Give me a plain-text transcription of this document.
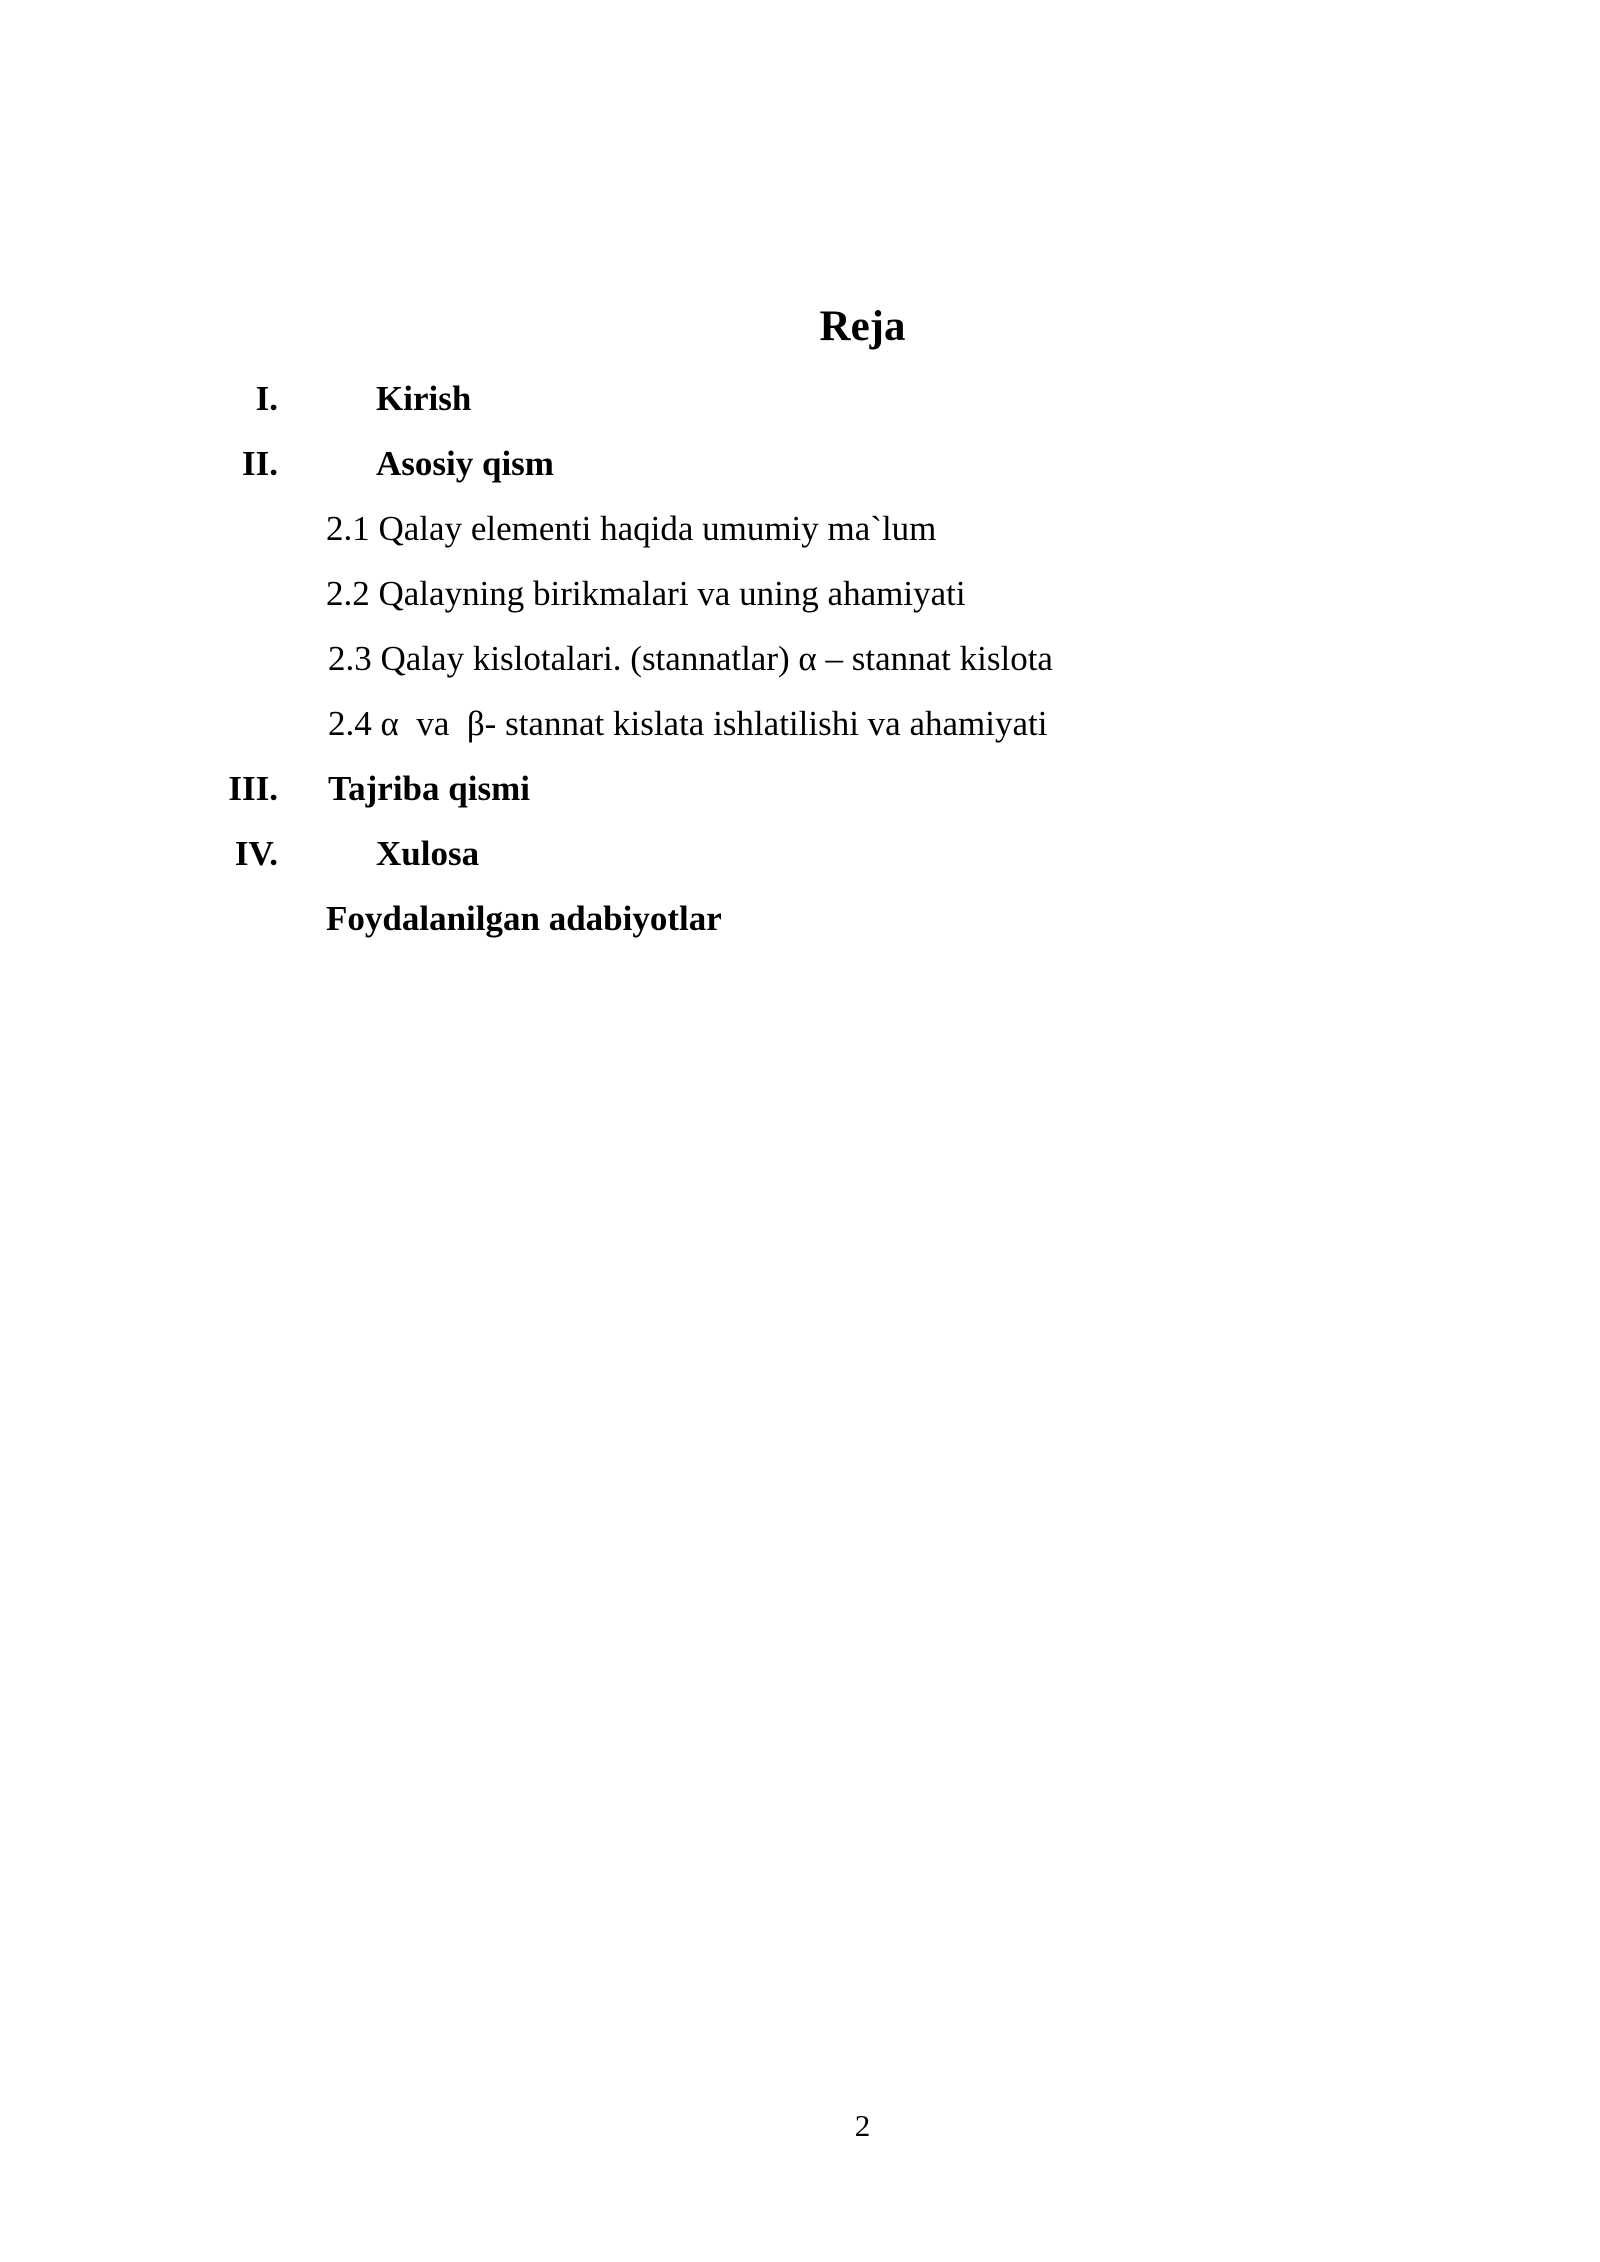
Reja
I.	Kirish
II.	Asosiy qism
2.1 Qalay elementi haqida umumiy ma`lum
2.2 Qalayning birikmalari va uning ahamiyati
2.3 Qalay kislotalari. (stannatlar) α – stannat kislota
2.4 α  va  β- stannat kislata ishlatilishi va ahamiyati
III. Tajriba qismi
IV.	Xulosa
Foydalanilgan adabiyotlar
2
